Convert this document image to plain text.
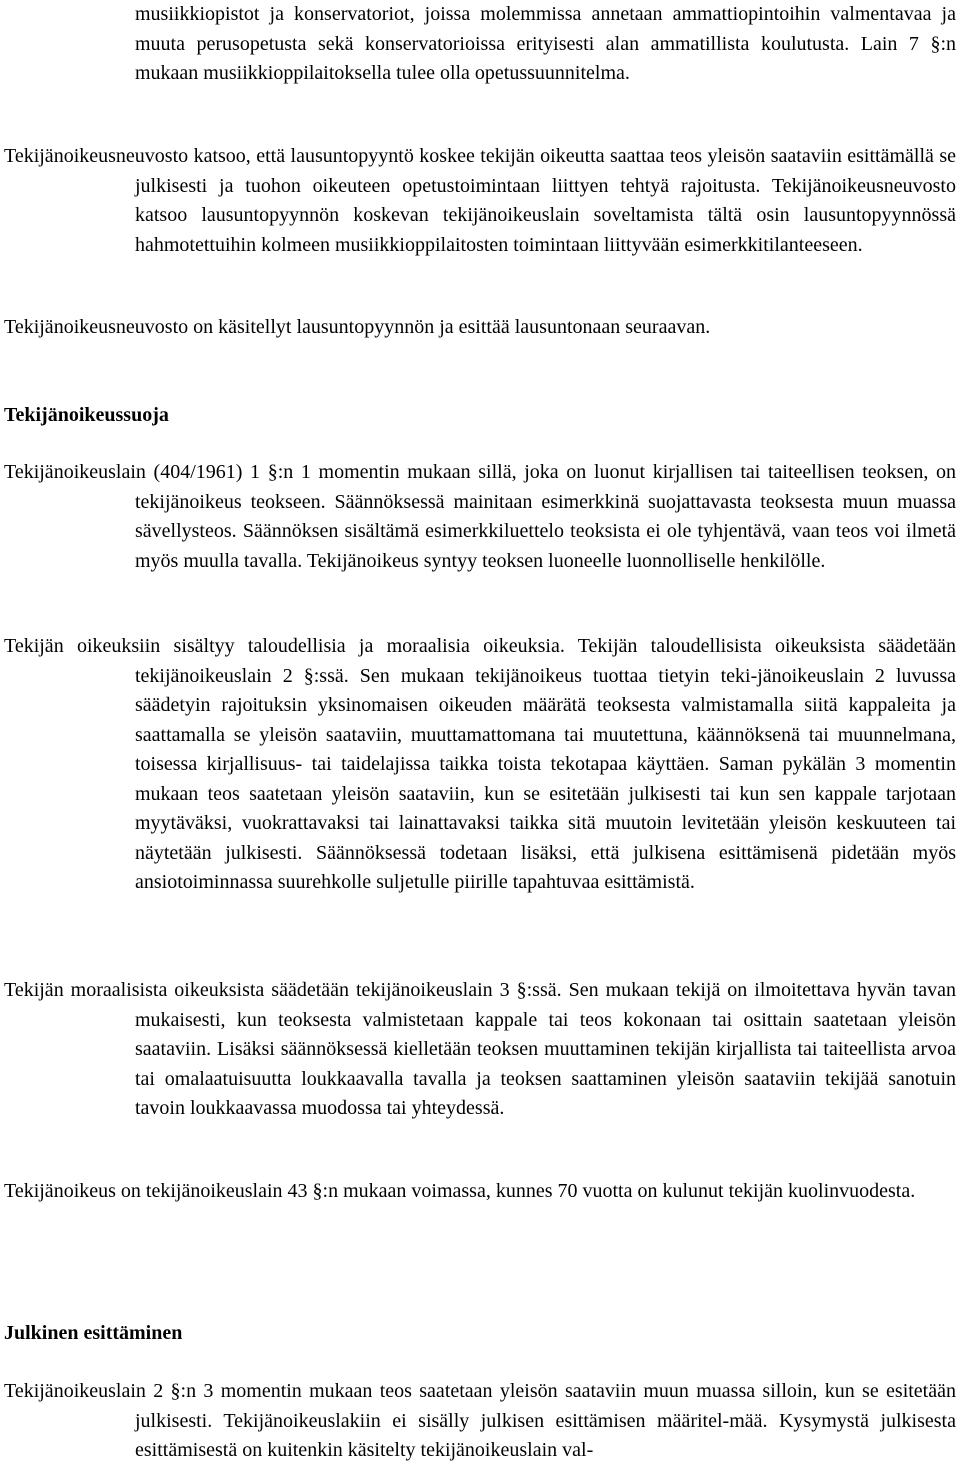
musiikkiopistot ja konservatoriot, joissa molemmissa annetaan ammattiopintoihin valmentavaa ja muuta perusopetusta sekä konservatorioissa erityisesti alan ammatillista koulutusta. Lain 7 §:n mukaan musiikkioppilaitoksella tulee olla opetussuunnitelma.

Tekijänoikeusneuvosto katsoo, että lausuntopyyntö koskee tekijän oikeutta saattaa teos yleisön saataviin esittämällä se julkisesti ja tuohon oikeuteen opetustoimintaan liittyen tehtyä rajoitusta. Tekijänoikeusneuvosto katsoo lausuntopyynnön koskevan tekijänoikeuslain soveltamista tältä osin lausuntopyynnössä hahmotettuihin kolmeen musiikkioppilaitosten toimintaan liittyvään esimerkkitilanteeseen.

Tekijänoikeusneuvosto on käsitellyt lausuntopyynnön ja esittää lausuntonaan seuraavan.

Tekijänoikeussuoja

Tekijänoikeuslain (404/1961) 1 §:n 1 momentin mukaan sillä, joka on luonut kirjallisen tai taiteellisen teoksen, on tekijänoikeus teokseen. Säännöksessä mainitaan esimerkkinä suojattavasta teoksesta muun muassa sävellysteos. Säännöksen sisältämä esimerkkiluettelo teoksista ei ole tyhjentävä, vaan teos voi ilmetä myös muulla tavalla. Tekijänoikeus syntyy teoksen luoneelle luonnolliselle henkilölle.

Tekijän oikeuksiin sisältyy taloudellisia ja moraalisia oikeuksia. Tekijän taloudellisista oikeuksista säädetään tekijänoikeuslain 2 §:ssä. Sen mukaan tekijänoikeus tuottaa tietyin teki-jänoikeuslain 2 luvussa säädetyin rajoituksin yksinomaisen oikeuden määrätä teoksesta valmistamalla siitä kappaleita ja saattamalla se yleisön saataviin, muuttamattomana tai muutettuna, käännöksenä tai muunnelmana, toisessa kirjallisuus- tai taidelajissa taikka toista tekotapaa käyttäen. Saman pykälän 3 momentin mukaan teos saatetaan yleisön saataviin, kun se esitetään julkisesti tai kun sen kappale tarjotaan myytäväksi, vuokrattavaksi tai lainattavaksi taikka sitä muutoin levitetään yleisön keskuuteen tai näytetään julkisesti. Säännöksessä todetaan lisäksi, että julkisena esittämisenä pidetään myös ansiotoiminnassa suurehkolle suljetulle piirille tapahtuvaa esittämistä.

Tekijän moraalisista oikeuksista säädetään tekijänoikeuslain 3 §:ssä. Sen mukaan tekijä on ilmoitettava hyvän tavan mukaisesti, kun teoksesta valmistetaan kappale tai teos kokonaan tai osittain saatetaan yleisön saataviin. Lisäksi säännöksessä kielletään teoksen muuttaminen tekijän kirjallista tai taiteellista arvoa tai omalaatuisuutta loukkaavalla tavalla ja teoksen saattaminen yleisön saataviin tekijää sanotuin tavoin loukkaavassa muodossa tai yhteydessä.

Tekijänoikeus on tekijänoikeuslain 43 §:n mukaan voimassa, kunnes 70 vuotta on kulunut tekijän kuolinvuodesta.

Julkinen esittäminen

Tekijänoikeuslain 2 §:n 3 momentin mukaan teos saatetaan yleisön saataviin muun muassa silloin, kun se esitetään julkisesti. Tekijänoikeuslakiin ei sisälly julkisen esittämisen määritel-mää. Kysymystä julkisesta esittämisestä on kuitenkin käsitelty tekijänoikeuslain val-
